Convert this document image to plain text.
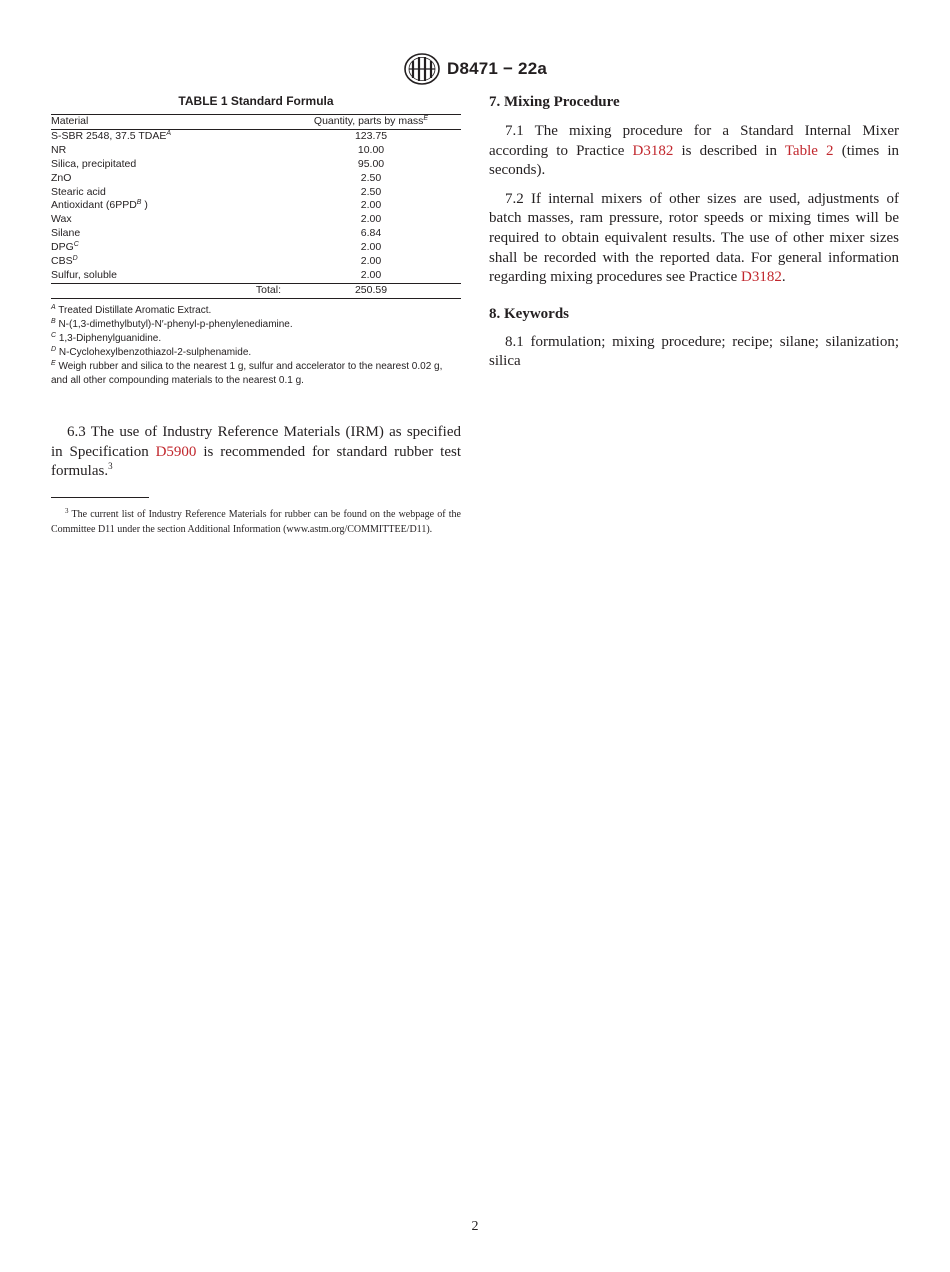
D8471 − 22a
TABLE 1 Standard Formula
Material	Quantity, parts by mass$^E$
S-SBR 2548, 37.5 $TDAE^A$	123.75
NR	10.00
Silica, precipitated	95.00
ZnO	2.50
Stearic acid	2.50
Antioxidant ($6PPD^B$ )	2.00
Wax	2.00
Silane	6.84
$DPG^C$	2.00
$CBS^D$	2.00
Sulfur, soluble	2.00
Total:	250.59

$^A$ Treated Distillate Aromatic Extract.

$^B$ N-(1,3-dimethylbutyl)-N′-phenyl-p-phenylenediamine.

$^C$ 1,3-Diphenylguanidine.

$^D$ N-Cyclohexylbenzothiazol-2-sulphenamide.

$^E$ Weigh rubber and silica to the nearest 1 g, sulfur and accelerator to the nearest 0.02 g, and all other compounding materials to the nearest 0.1 g.

6.3 The use of Industry Reference Materials (IRM) as specified in Specification D5900 is recommended for standard rubber test formulas.$^3$

$^3$ The current list of Industry Reference Materials for rubber can be found on the webpage of the Committee D11 under the section Additional Information (www.astm.org/COMMITTEE/D11).

7. Mixing Procedure

7.1 The mixing procedure for a Standard Internal Mixer according to Practice D3182 is described in Table 2 (times in seconds).

7.2 If internal mixers of other sizes are used, adjustments of batch masses, ram pressure, rotor speeds or mixing times will be required to obtain equivalent results. The use of other mixer sizes shall be recorded with the reported data. For general information regarding mixing procedures see Practice D3182.

8. Keywords

8.1 formulation; mixing procedure; recipe; silane; silanization; silica

2
